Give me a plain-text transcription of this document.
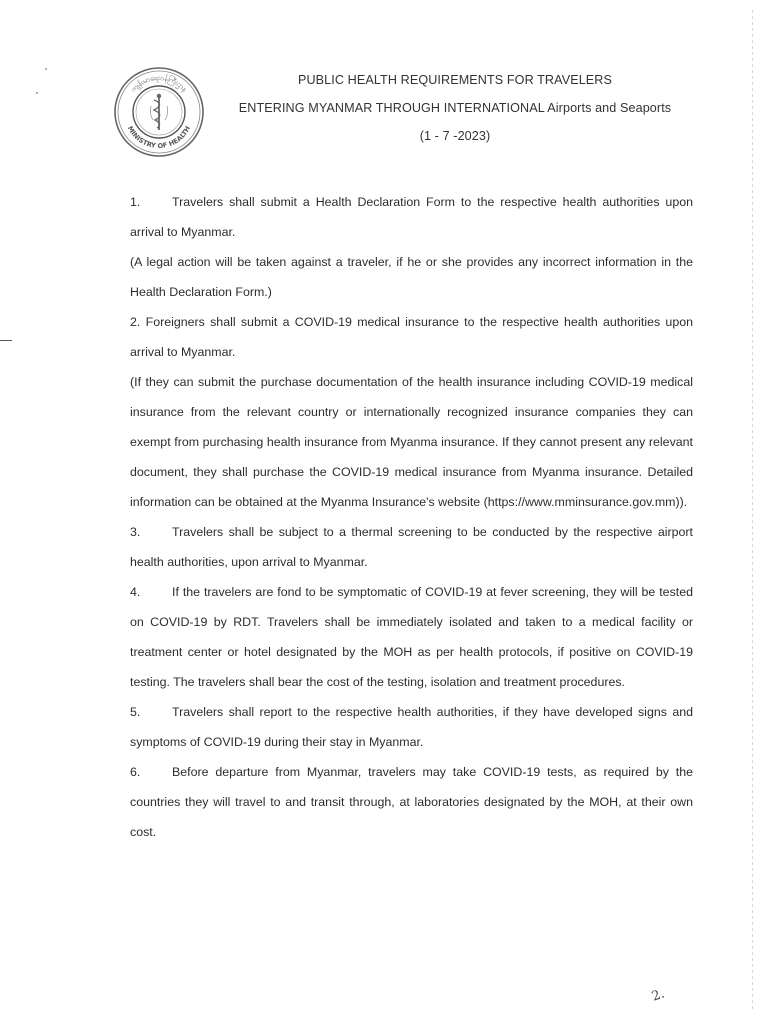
ကျန်းမာရေးဝန်ကြီးဌာန
MINISTRY OF HEALTH
PUBLIC HEALTH REQUIREMENTS FOR TRAVELERS
ENTERING MYANMAR THROUGH INTERNATIONAL Airports and Seaports
(1 - 7 -2023)

1.	Travelers shall submit a Health Declaration Form to the respective health authorities upon arrival to Myanmar.

(A legal action will be taken against a traveler, if he or she provides any incorrect information in the Health Declaration Form.)

2. Foreigners shall submit a COVID-19 medical insurance to the respective health authorities upon arrival to Myanmar.

(If they can submit the purchase documentation of the health insurance including COVID-19 medical insurance from the relevant country or internationally recognized insurance companies they can exempt from purchasing health insurance from Myanma insurance. If they cannot present any relevant document, they shall purchase the COVID-19 medical insurance from Myanma insurance. Detailed information can be obtained at the Myanma Insurance's website (https://www.mminsurance.gov.mm)).

3.	Travelers shall be subject to a thermal screening to be conducted by the respective airport health authorities, upon arrival to Myanmar.

4.	If the travelers are fond to be symptomatic of COVID-19 at fever screening, they will be tested on COVID-19 by RDT. Travelers shall be immediately isolated and taken to a medical facility or treatment center or hotel designated by the MOH as per health protocols, if positive on COVID-19 testing. The travelers shall bear the cost of the testing, isolation and treatment procedures.

5.	Travelers shall report to the respective health authorities, if they have developed signs and symptoms of COVID-19 during their stay in Myanmar.

6.	Before departure from Myanmar, travelers may take COVID-19 tests, as required by the countries they will travel to and transit through, at laboratories designated by the MOH, at their own cost.

2.
